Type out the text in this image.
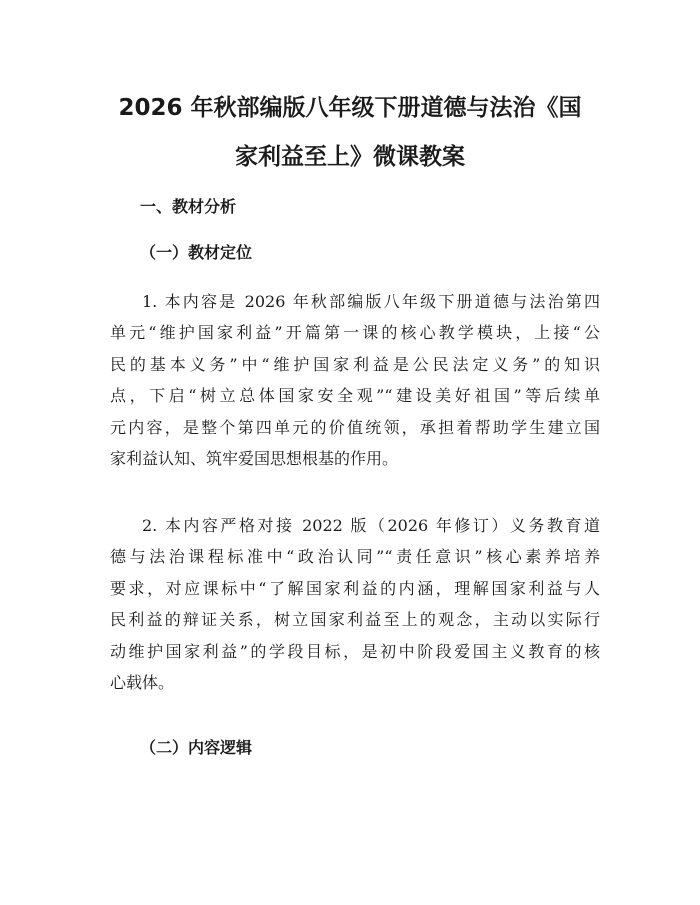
2026 年秋部编版八年级下册道德与法治《国
家利益至上》微课教案
一、教材分析
（一）教材定位
1. 本内容是 2026 年秋部编版八年级下册道德与法治第四
单元“维护国家利益”开篇第一课的核心教学模块，上接“公
民的基本义务”中“维护国家利益是公民法定义务”的知识
点，下启“树立总体国家安全观”“建设美好祖国”等后续单
元内容，是整个第四单元的价值统领，承担着帮助学生建立国
家利益认知、筑牢爱国思想根基的作用。
2. 本内容严格对接 2022 版（2026 年修订）义务教育道
德与法治课程标准中“政治认同”“责任意识”核心素养培养
要求，对应课标中“了解国家利益的内涵，理解国家利益与人
民利益的辩证关系，树立国家利益至上的观念，主动以实际行
动维护国家利益”的学段目标，是初中阶段爱国主义教育的核
心载体。
（二）内容逻辑
